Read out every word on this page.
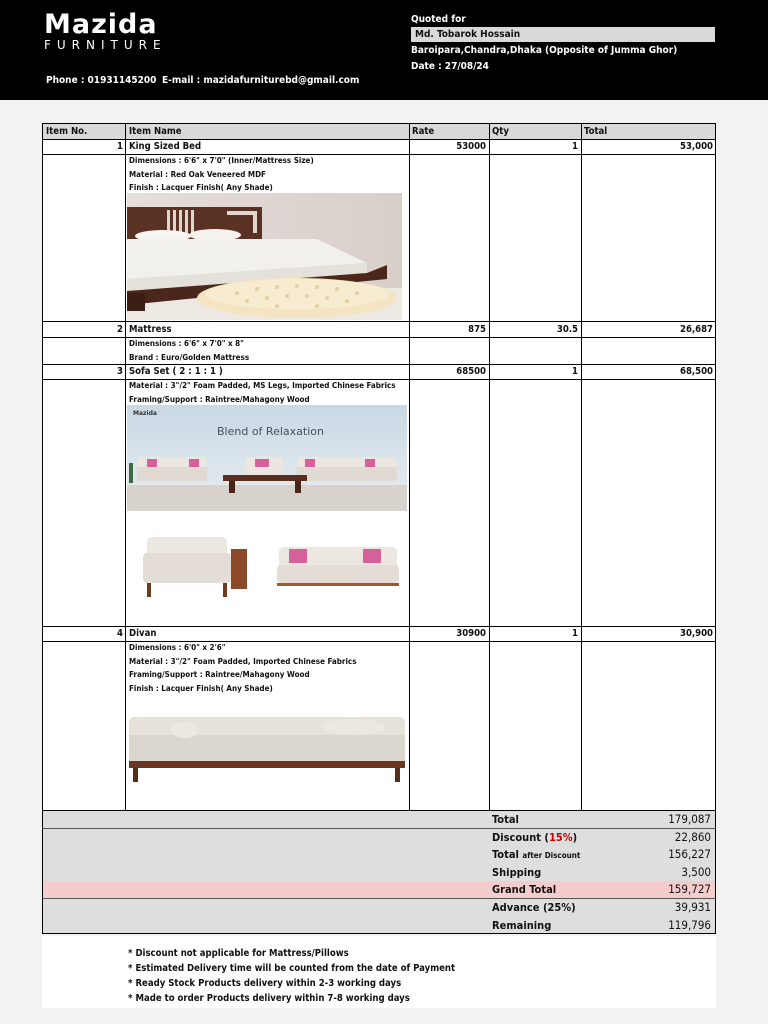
Mazida
FURNITURE
Phone : 01931145200 E-mail : mazidafurniturebd@gmail.com
Quoted for
Md. Tobarok Hossain
Baroipara,Chandra,Dhaka (Opposite of Jumma Ghor)
Date : 27/08/24
Item No.	Item Name	Rate	Qty	Total
1 King Sized Bed	53000	1	53,000
Dimensions : 6'6" x 7'0" (Inner/Mattress Size)
Material : Red Oak Veneered MDF
Finish : Lacquer Finish( Any Shade)
2 Mattress	875	30.5	26,687
Dimensions : 6'6" x 7'0" x 8"
Brand : Euro/Golden Mattress
3 Sofa Set ( 2 : 1 : 1 )	68500	1	68,500
Material : 3"/2" Foam Padded, MS Legs, Imported Chinese Fabrics
Framing/Support : Raintree/Mahagony Wood
Blend of Relaxation
Mazida
4 Divan	30900	1	30,900
Dimensions : 6'0" x 2'6"
Material : 3"/2" Foam Padded, Imported Chinese Fabrics
Framing/Support : Raintree/Mahagony Wood
Finish : Lacquer Finish( Any Shade)
Total	179,087
Discount (15%)	22,860
Total after Discount	156,227
Shipping	3,500
Grand Total	159,727
Advance (25%)	39,931
Remaining	119,796
* Discount not applicable for Mattress/Pillows
* Estimated Delivery time will be counted from the date of Payment
* Ready Stock Products delivery within 2-3 working days
* Made to order Products delivery within 7-8 working days
